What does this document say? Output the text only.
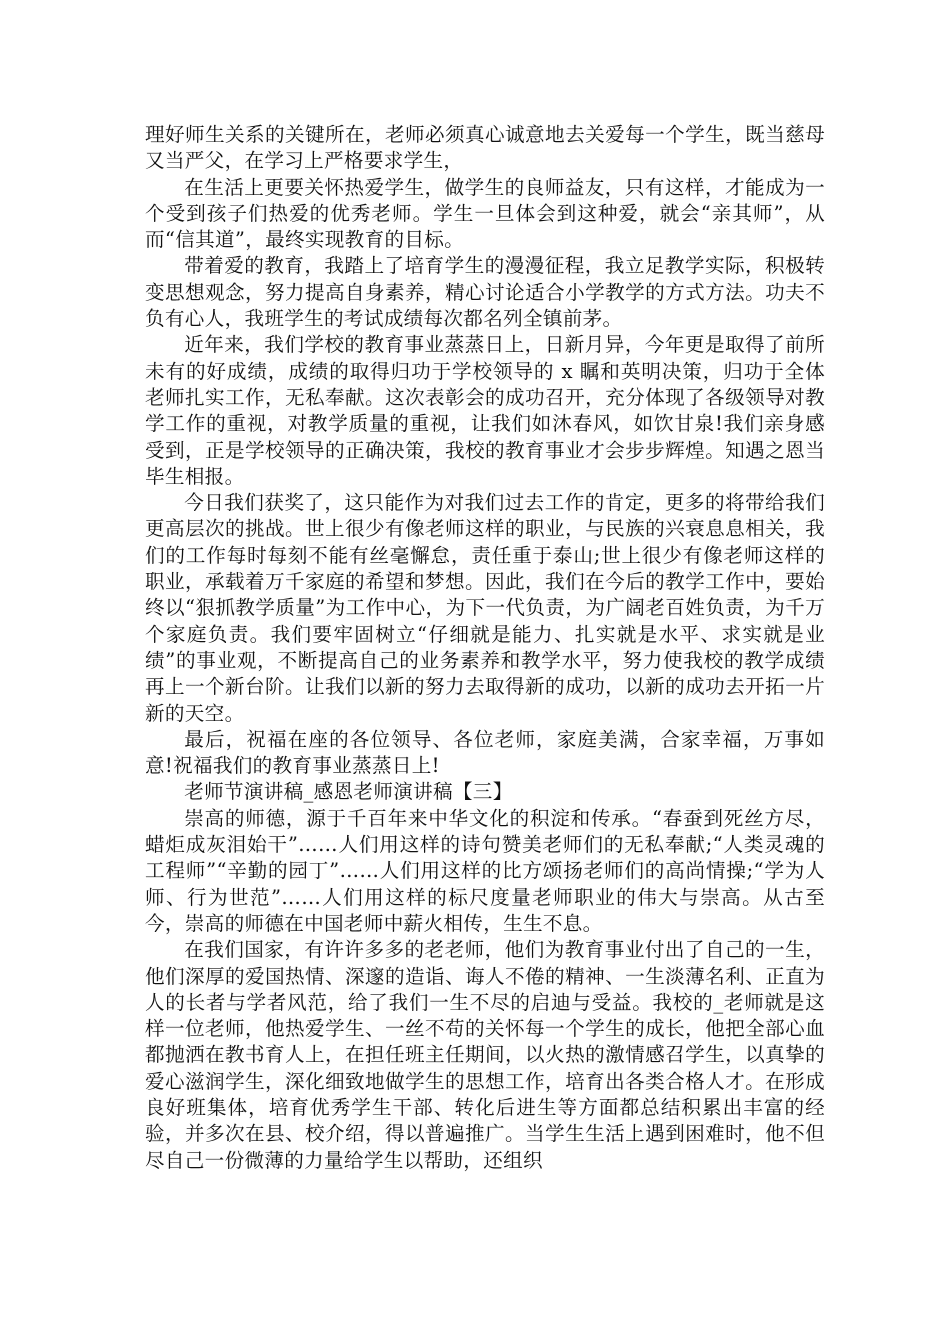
理好师生关系的关键所在，老师必须真心诚意地去关爱每一个学生，既当慈母又当严父，在学习上严格要求学生，

在生活上更要关怀热爱学生，做学生的良师益友，只有这样，才能成为一个受到孩子们热爱的优秀老师。学生一旦体会到这种爱，就会“亲其师”，从而“信其道”，最终实现教育的目标。

带着爱的教育，我踏上了培育学生的漫漫征程，我立足教学实际，积极转变思想观念，努力提高自身素养，精心讨论适合小学教学的方式方法。功夫不负有心人，我班学生的考试成绩每次都名列全镇前茅。

近年来，我们学校的教育事业蒸蒸日上，日新月异，今年更是取得了前所未有的好成绩，成绩的取得归功于学校领导的 x 瞩和英明决策，归功于全体老师扎实工作，无私奉献。这次表彰会的成功召开，充分体现了各级领导对教学工作的重视，对教学质量的重视，让我们如沐春风，如饮甘泉!我们亲身感受到，正是学校领导的正确决策，我校的教育事业才会步步辉煌。知遇之恩当毕生相报。

今日我们获奖了，这只能作为对我们过去工作的肯定，更多的将带给我们更高层次的挑战。世上很少有像老师这样的职业，与民族的兴衰息息相关，我们的工作每时每刻不能有丝毫懈怠，责任重于泰山;世上很少有像老师这样的职业，承载着万千家庭的希望和梦想。因此，我们在今后的教学工作中，要始终以“狠抓教学质量”为工作中心，为下一代负责，为广阔老百姓负责，为千万个家庭负责。我们要牢固树立“仔细就是能力、扎实就是水平、求实就是业绩”的事业观，不断提高自己的业务素养和教学水平，努力使我校的教学成绩再上一个新台阶。让我们以新的努力去取得新的成功，以新的成功去开拓一片新的天空。

最后，祝福在座的各位领导、各位老师，家庭美满，合家幸福，万事如意!祝福我们的教育事业蒸蒸日上!

老师节演讲稿_感恩老师演讲稿【三】

崇高的师德，源于千百年来中华文化的积淀和传承。“春蚕到死丝方尽，蜡炬成灰泪始干”……人们用这样的诗句赞美老师们的无私奉献;“人类灵魂的工程师”“辛勤的园丁”……人们用这样的比方颂扬老师们的高尚情操;“学为人师、行为世范”……人们用这样的标尺度量老师职业的伟大与崇高。从古至今，崇高的师德在中国老师中薪火相传，生生不息。

在我们国家，有许许多多的老老师，他们为教育事业付出了自己的一生，他们深厚的爱国热情、深邃的造诣、诲人不倦的精神、一生淡薄名利、正直为人的长者与学者风范，给了我们一生不尽的启迪与受益。我校的_老师就是这样一位老师，他热爱学生、一丝不苟的关怀每一个学生的成长，他把全部心血都抛洒在教书育人上，在担任班主任期间，以火热的激情感召学生，以真挚的爱心滋润学生，深化细致地做学生的思想工作，培育出各类合格人才。在形成良好班集体，培育优秀学生干部、转化后进生等方面都总结积累出丰富的经验，并多次在县、校介绍，得以普遍推广。当学生生活上遇到困难时，他不但尽自己一份微薄的力量给学生以帮助，还组织
